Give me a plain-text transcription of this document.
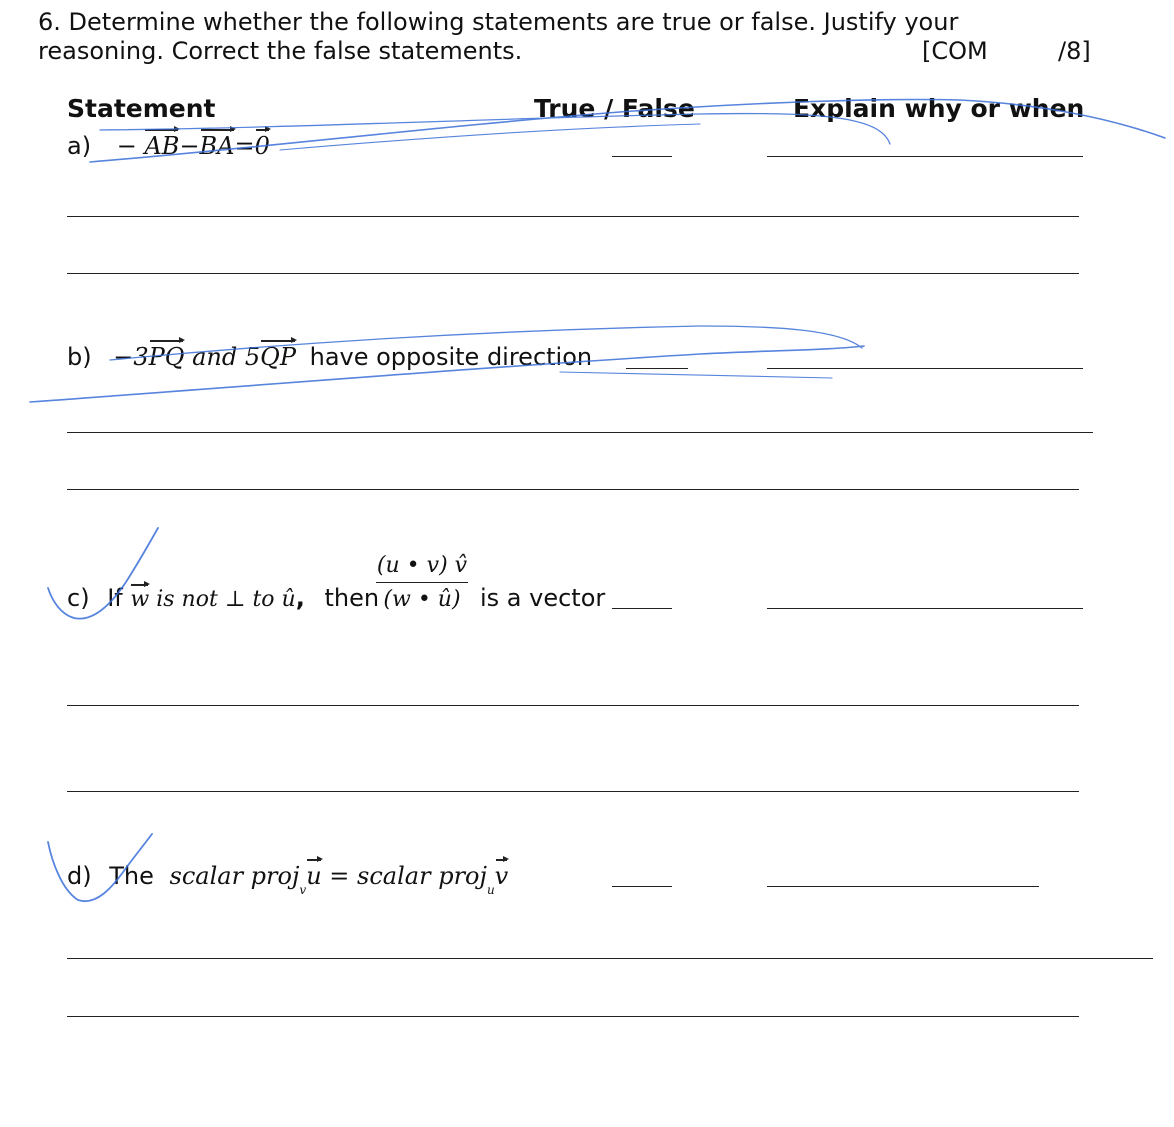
6. Determine whether the following statements are true or false. Justify your
reasoning. Correct the false statements.	[COM	/8]
Statement	True / False	Explain why or when
a) − AB−BA=0
b) −3PQ and 5QP have opposite direction
c) If w is not ⊥ to û, then
(u • v) v̂
(w • û) is a vector
d) The scalar proj$_v$u = scalar proj$_u$v
